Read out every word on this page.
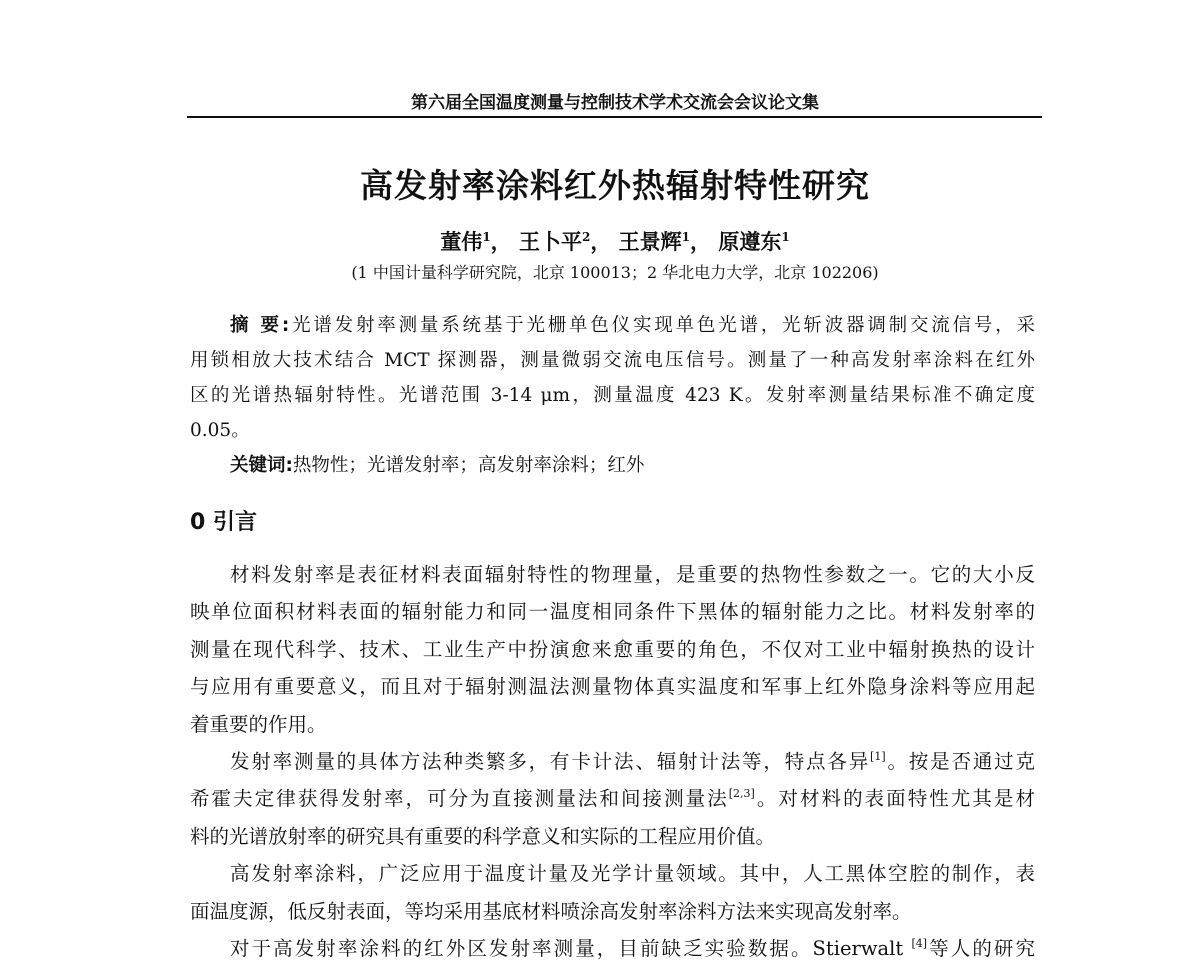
第六届全国温度测量与控制技术学术交流会会议论文集
高发射率涂料红外热辐射特性研究
董伟$^1$， 王卜平$^2$， 王景辉$^1$， 原遵东$^1$
(1 中国计量科学研究院，北京 100013；2 华北电力大学，北京 102206)
摘 要:光谱发射率测量系统基于光栅单色仪实现单色光谱，光斩波器调制交流信号，采
用锁相放大技术结合 MCT 探测器，测量微弱交流电压信号。测量了一种高发射率涂料在红外
区的光谱热辐射特性。光谱范围 3-14 μm，测量温度 423 K。发射率测量结果标准不确定度
0.05。
关键词:热物性；光谱发射率；高发射率涂料；红外
0 引言
材料发射率是表征材料表面辐射特性的物理量，是重要的热物性参数之一。它的大小反
映单位面积材料表面的辐射能力和同一温度相同条件下黑体的辐射能力之比。材料发射率的
测量在现代科学、技术、工业生产中扮演愈来愈重要的角色，不仅对工业中辐射换热的设计
与应用有重要意义，而且对于辐射测温法测量物体真实温度和军事上红外隐身涂料等应用起
着重要的作用。
发射率测量的具体方法种类繁多，有卡计法、辐射计法等，特点各异[1]。按是否通过克
希霍夫定律获得发射率，可分为直接测量法和间接测量法[2,3]。对材料的表面特性尤其是材
料的光谱放射率的研究具有重要的科学意义和实际的工程应用价值。
高发射率涂料，广泛应用于温度计量及光学计量领域。其中，人工黑体空腔的制作，表
面温度源，低反射表面，等均采用基底材料喷涂高发射率涂料方法来实现高发射率。
对于高发射率涂料的红外区发射率测量，目前缺乏实验数据。Stierwalt [4]等人的研究
